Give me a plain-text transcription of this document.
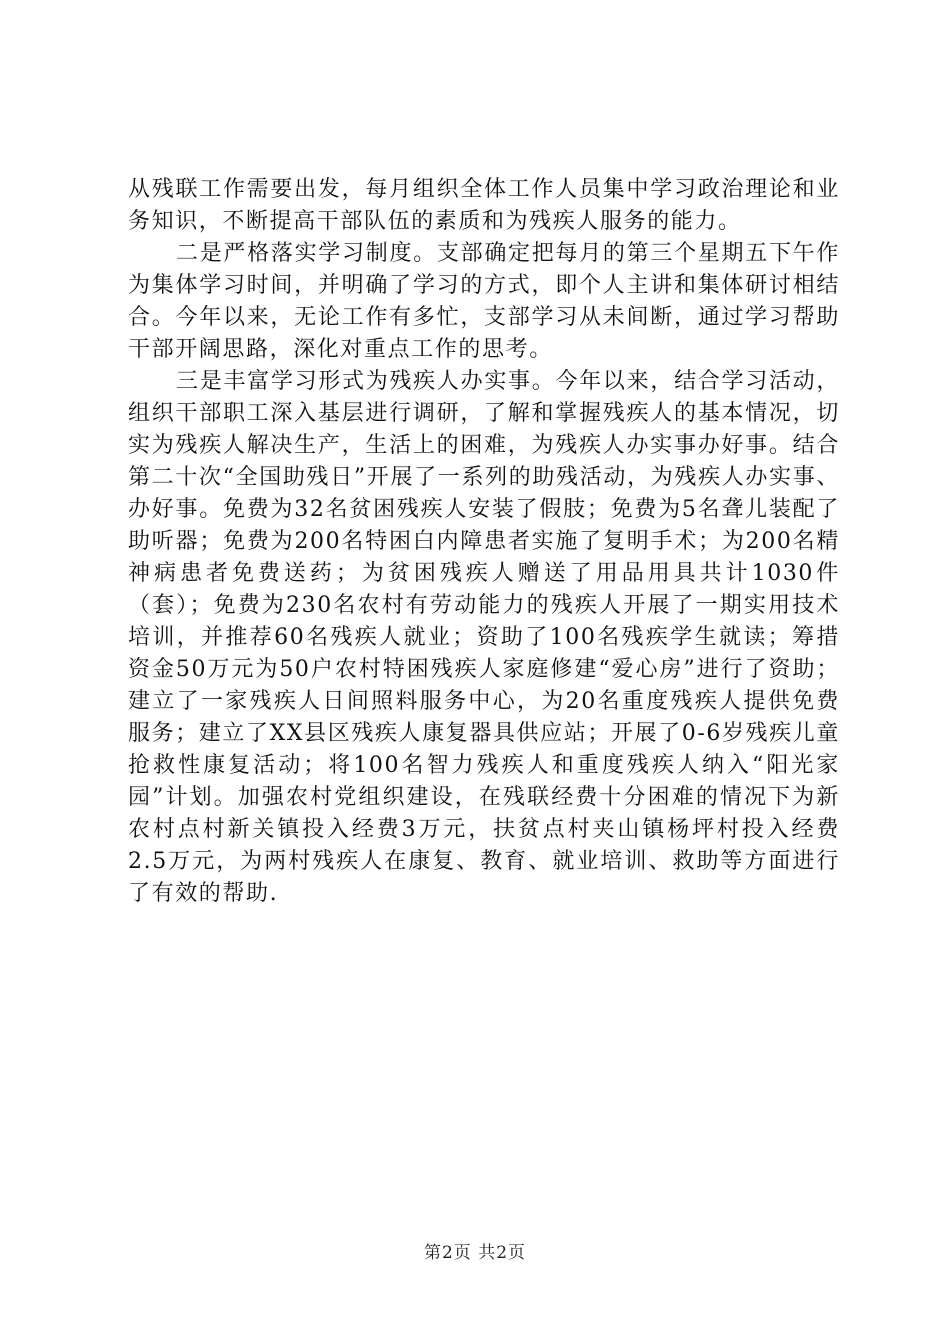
从残联工作需要出发，每月组织全体工作人员集中学习政治理论和业务知识，不断提高干部队伍的素质和为残疾人服务的能力。

二是严格落实学习制度。支部确定把每月的第三个星期五下午作为集体学习时间，并明确了学习的方式，即个人主讲和集体研讨相结合。今年以来，无论工作有多忙，支部学习从未间断，通过学习帮助干部开阔思路，深化对重点工作的思考。

三是丰富学习形式为残疾人办实事。今年以来，结合学习活动，组织干部职工深入基层进行调研，了解和掌握残疾人的基本情况，切实为残疾人解决生产，生活上的困难，为残疾人办实事办好事。结合第二十次“全国助残日”开展了一系列的助残活动，为残疾人办实事、办好事。免费为32名贫困残疾人安装了假肢；免费为5名聋儿装配了助听器；免费为200名特困白内障患者实施了复明手术；为200名精神病患者免费送药；为贫困残疾人赠送了用品用具共计1030件（套）；免费为230名农村有劳动能力的残疾人开展了一期实用技术培训，并推荐60名残疾人就业；资助了100名残疾学生就读；筹措资金50万元为50户农村特困残疾人家庭修建“爱心房”进行了资助；建立了一家残疾人日间照料服务中心，为20名重度残疾人提供免费服务；建立了XX县区残疾人康复器具供应站；开展了0-6岁残疾儿童抢救性康复活动；将100名智力残疾人和重度残疾人纳入“阳光家园”计划。加强农村党组织建设，在残联经费十分困难的情况下为新农村点村新关镇投入经费3万元，扶贫点村夹山镇杨坪村投入经费2.5万元，为两村残疾人在康复、教育、就业培训、救助等方面进行了有效的帮助.

第2页 共2页
